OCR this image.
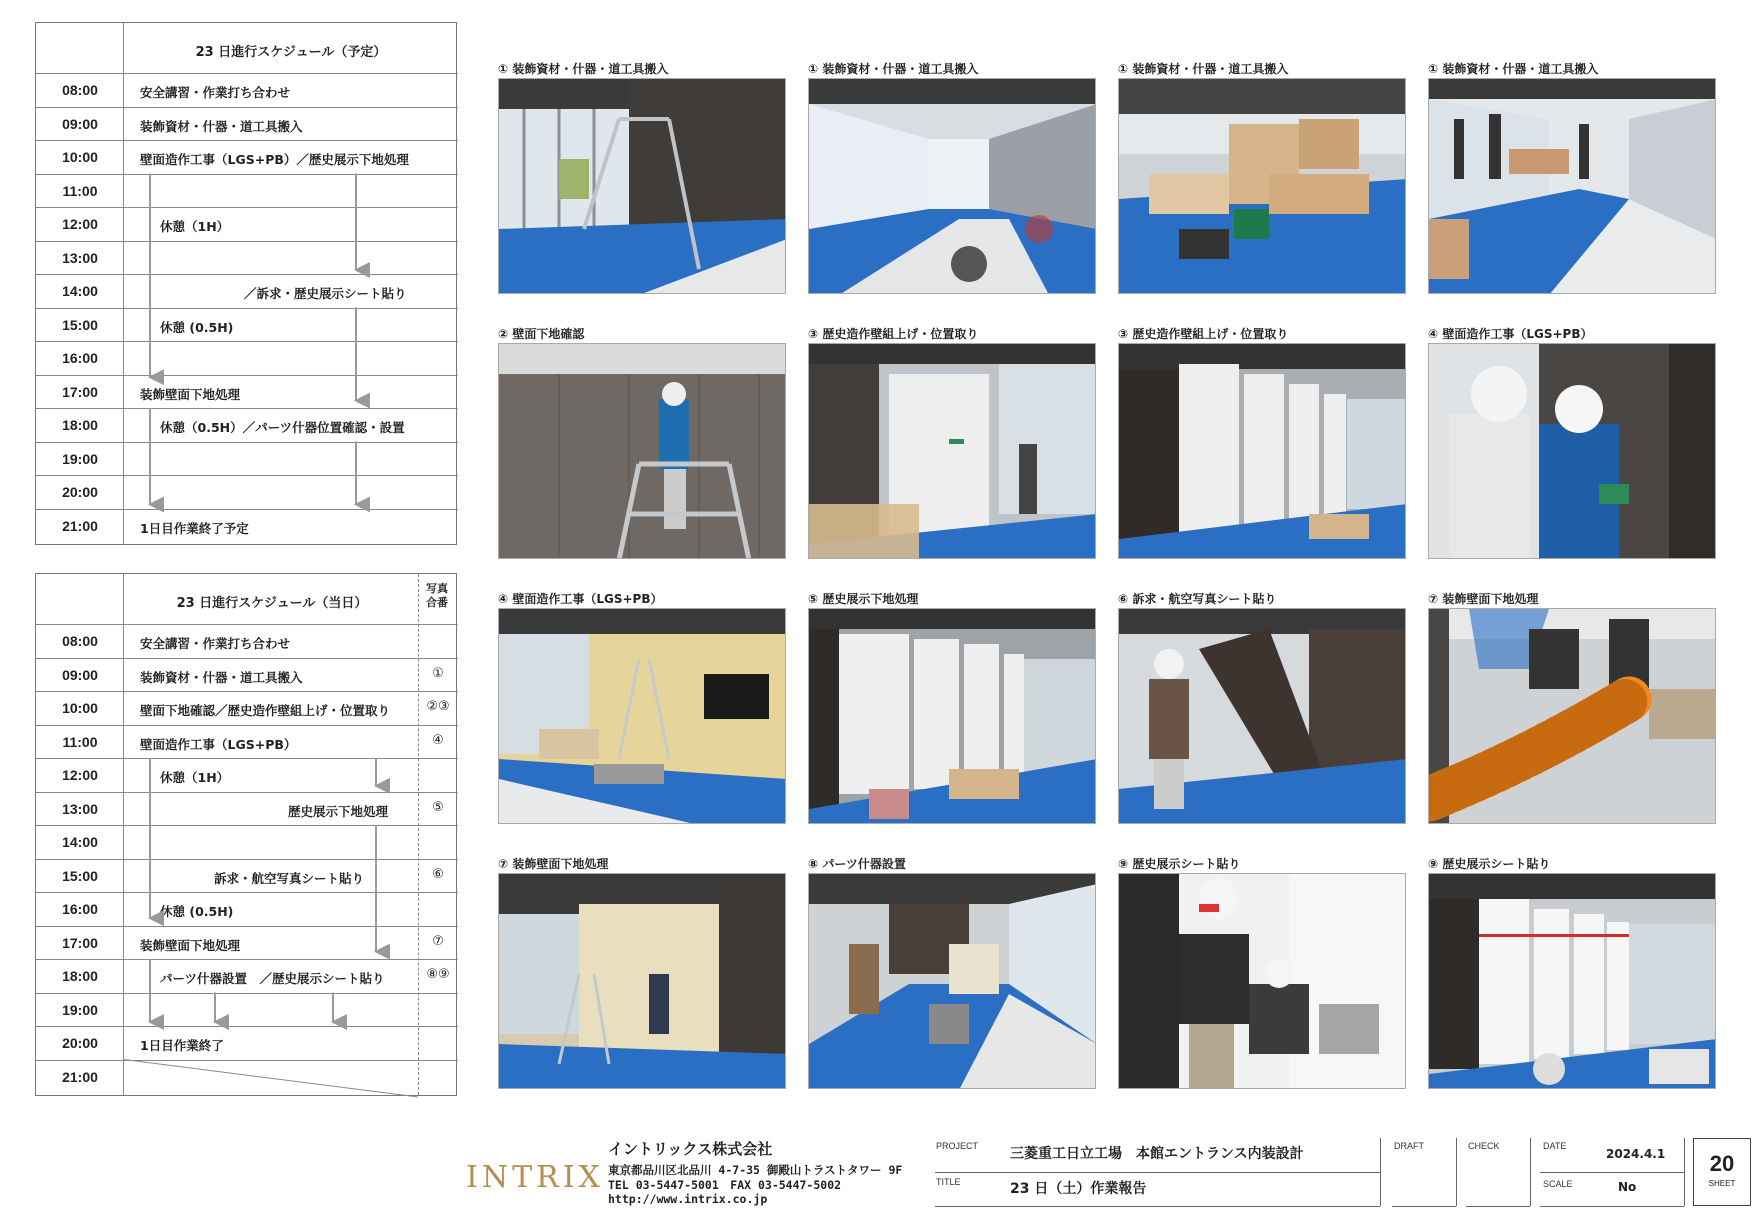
23 日進行スケジュール（予定）
08:00	安全講習・作業打ち合わせ
09:00	装飾資材・什器・道工具搬入
10:00	壁面造作工事（LGS+PB）／歴史展示下地処理
11:00
12:00	休憩（1H）
13:00
14:00	／訴求・歴史展示シート貼り
15:00	休憩 (0.5H)
16:00
17:00	装飾壁面下地処理
18:00	休憩（0.5H）／パーツ什器位置確認・設置
19:00
20:00
21:00	1日目作業終了予定
23 日進行スケジュール（当日）
写真合番
08:00	安全講習・作業打ち合わせ
09:00	装飾資材・什器・道工具搬入	①
10:00	壁面下地確認／歴史造作壁組上げ・位置取り	②③
11:00	壁面造作工事（LGS+PB）	④
12:00	休憩（1H）
13:00	歴史展示下地処理	⑤
14:00
15:00	訴求・航空写真シート貼り	⑥
16:00	休憩 (0.5H)
17:00	装飾壁面下地処理	⑦
18:00	パーツ什器設置　／歴史展示シート貼り	⑧⑨
19:00
20:00	1日目作業終了
21:00
① 装飾資材・什器・道工具搬入	① 装飾資材・什器・道工具搬入	① 装飾資材・什器・道工具搬入	① 装飾資材・什器・道工具搬入
② 壁面下地確認	③ 歴史造作壁組上げ・位置取り	③ 歴史造作壁組上げ・位置取り	④ 壁面造作工事（LGS+PB）
④ 壁面造作工事（LGS+PB）	⑤ 歴史展示下地処理	⑥ 訴求・航空写真シート貼り	⑦ 装飾壁面下地処理
⑦ 装飾壁面下地処理	⑧ パーツ什器設置	⑨ 歴史展示シート貼り	⑨ 歴史展示シート貼り
INTRIX
イントリックス株式会社
東京都品川区北品川 4-7-35 御殿山トラストタワー 9F
TEL 03-5447-5001　FAX 03-5447-5002
http://www.intrix.co.jp
PROJECT 三菱重工日立工場　本館エントランス内装設計
TITLE	23 日（土）作業報告
DRAFT	CHECK	DATE
2024.4.1
SCALE	No
20
SHEET
